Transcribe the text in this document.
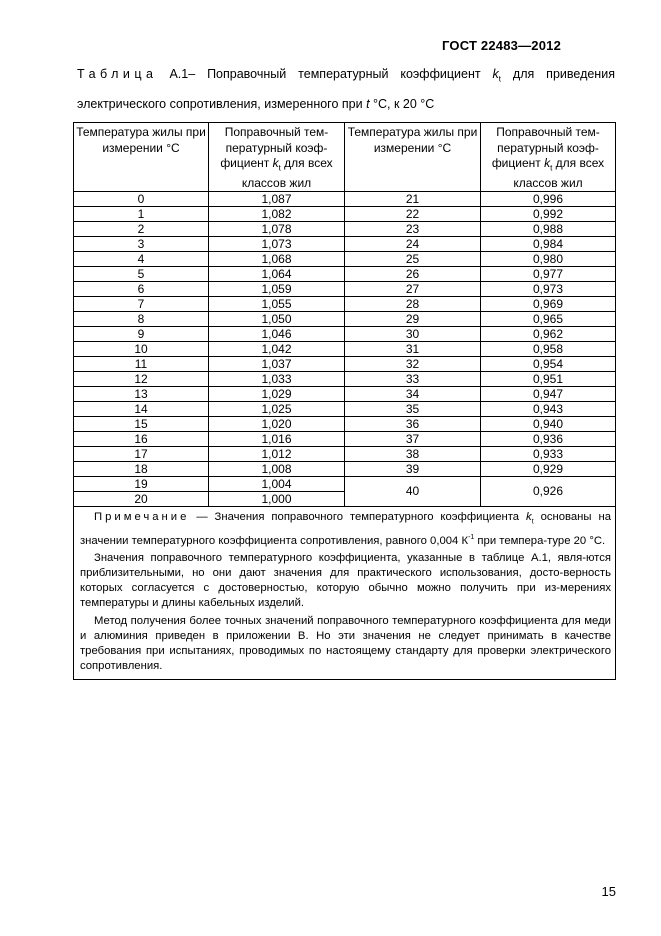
ГОСТ 22483—2012
Таблица А.1– Поправочный температурный коэффициент $k_t$ для приведения
электрического сопротивления, измеренного при t °С, к 20 °С
Температура жилы при измерении °С	Поправочный тем-пературный коэф-фициент $k_t$ для всех классов жил	Температура жилы при измерении °С	Поправочный тем-пературный коэф-фициент $k_t$ для всех классов жил
0	1,087	21	0,996
1	1,082	22	0,992
2	1,078	23	0,988
3	1,073	24	0,984
4	1,068	25	0,980
5	1,064	26	0,977
6	1,059	27	0,973
7	1,055	28	0,969
8	1,050	29	0,965
9	1,046	30	0,962
10	1,042	31	0,958
11	1,037	32	0,954
12	1,033	33	0,951
13	1,029	34	0,947
14	1,025	35	0,943
15	1,020	36	0,940
16	1,016	37	0,936
17	1,012	38	0,933
18	1,008	39	0,929
19	1,004	40	0,926
20	1,000		

Примечание — Значения поправочного температурного коэффициента $k_t$ основаны на значении температурного коэффициента сопротивления, равного 0,004 $К^{-1}$ при темпера-туре 20 °С.

Значения поправочного температурного коэффициента, указанные в таблице А.1, явля-ются приблизительными, но они дают значения для практического использования, досто-верность которых согласуется с достоверностью, которую обычно можно получить при из-мерениях температуры и длины кабельных изделий.

Метод получения более точных значений поправочного температурного коэффициента для меди и алюминия приведен в приложении В. Но эти значения не следует принимать в качестве требования при испытаниях, проводимых по настоящему стандарту для проверки электрического сопротивления.			

15
